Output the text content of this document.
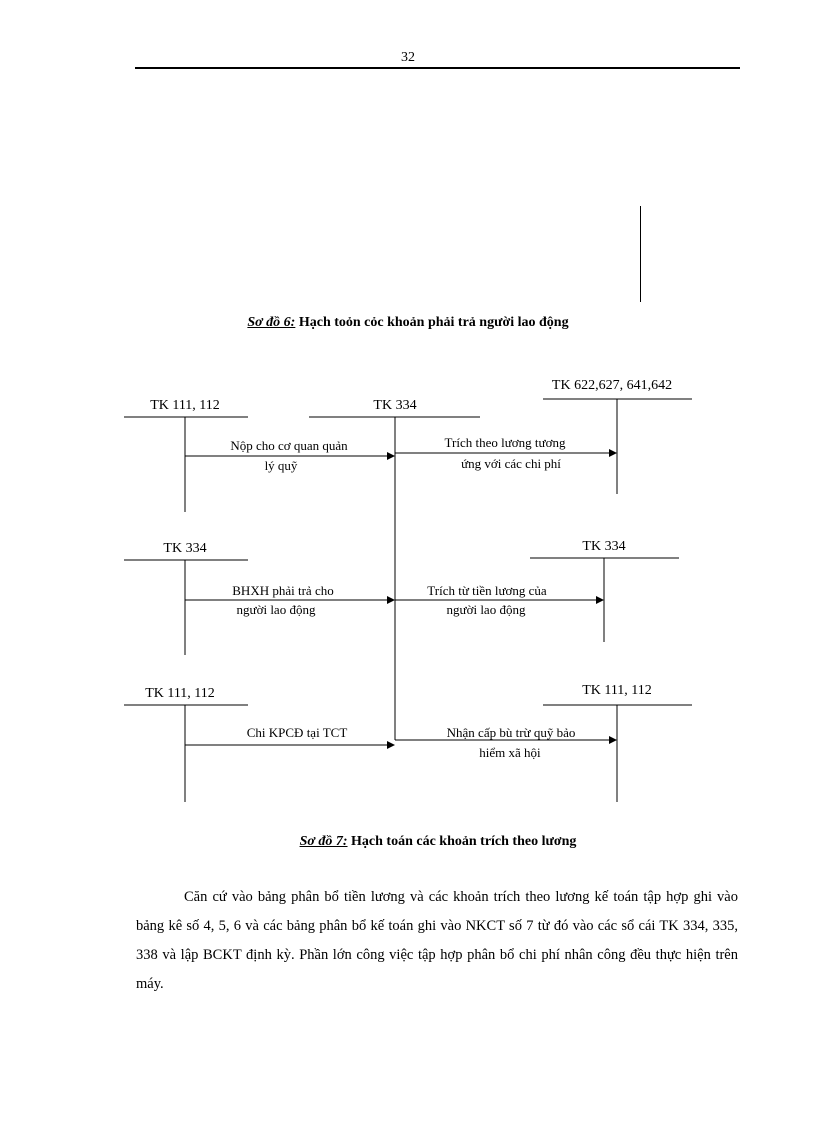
32
Sơ đồ 6: Hạch toỏn cỏc khoản phải trả người lao động
TK 111, 112	TK 334
TK 622,627, 641,642
TK 334	TK 334
TK 111, 112	TK 111, 112
Nộp cho cơ quan quản
lý quỹ
Trích theo lương tương
ứng với các chi phí
BHXH phải trả cho
người lao động
Trích từ tiền lương của
người lao động
Chi KPCĐ tại TCT	Nhận cấp bù trừ quỹ bảo
hiểm xã hội
Sơ đồ 7: Hạch toán các khoản trích theo lương
Căn cứ vào bảng phân bổ tiền lương và các khoản trích theo lương kế toán tập hợp ghi vào bảng kê số 4, 5, 6 và các bảng phân bổ kế toán ghi vào NKCT số 7 từ đó vào các sổ cái TK 334, 335, 338 và lập BCKT định kỳ. Phần lớn công việc tập hợp phân bổ chi phí nhân công đều thực hiện trên máy.
